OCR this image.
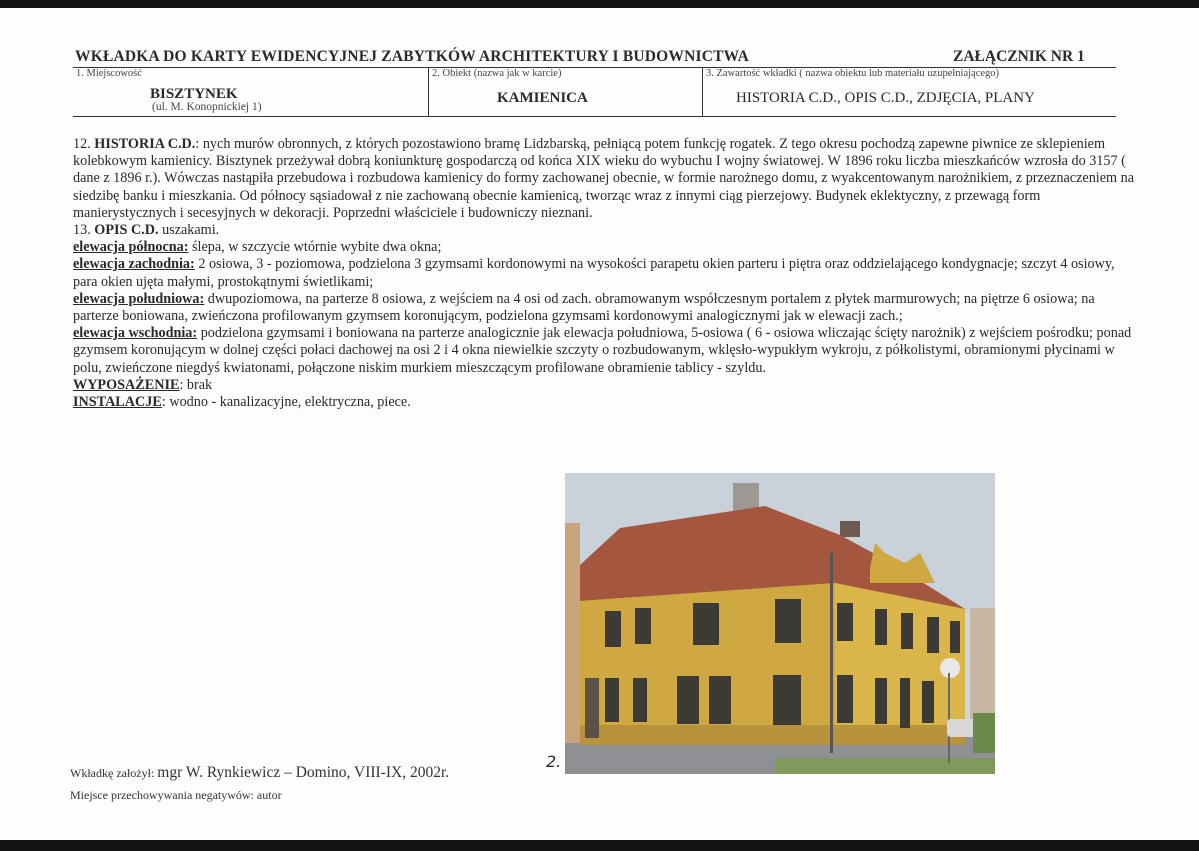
WKŁADKA DO KARTY EWIDENCYJNEJ ZABYTKÓW ARCHITEKTURY I BUDOWNICTWA	ZAŁĄCZNIK NR 1
1. Miejscowość
BISZTYNEK
(ul. M. Konopnickiej 1)
2. Obiekt (nazwa jak w karcie)
KAMIENICA
3. Zawartość wkładki ( nazwa obiektu lub materiału uzupełniającego)
HISTORIA C.D., OPIS C.D., ZDJĘCIA, PLANY

12. HISTORIA C.D.: nych murów obronnych, z których pozostawiono bramę Lidzbarską, pełniącą potem funkcję rogatek. Z tego okresu pochodzą zapewne piwnice ze sklepieniem kolebkowym kamienicy. Bisztynek przeżywał dobrą koniunkturę gospodarczą od końca XIX wieku do wybuchu I wojny światowej. W 1896 roku liczba mieszkańców wzrosła do 3157 ( dane z 1896 r.). Wówczas nastąpiła przebudowa i rozbudowa kamienicy do formy zachowanej obecnie, w formie narożnego domu, z wyakcentowanym narożnikiem, z przeznaczeniem na siedzibę banku i mieszkania. Od północy sąsiadował z nie zachowaną obecnie kamienicą, tworząc wraz z innymi ciąg pierzejowy. Budynek eklektyczny, z przewagą form manierystycznych i secesyjnych w dekoracji. Poprzedni właściciele i budowniczy nieznani.

13. OPIS C.D. uszakami.

elewacja północna: ślepa, w szczycie wtórnie wybite dwa okna;

elewacja zachodnia: 2 osiowa, 3 - poziomowa, podzielona 3 gzymsami kordonowymi na wysokości parapetu okien parteru i piętra oraz oddzielającego kondygnacje; szczyt 4 osiowy, para okien ujęta małymi, prostokątnymi świetlikami;

elewacja południowa: dwupoziomowa, na parterze 8 osiowa, z wejściem na 4 osi od zach. obramowanym współczesnym portalem z płytek marmurowych; na piętrze 6 osiowa; na parterze boniowana, zwieńczona profilowanym gzymsem koronującym, podzielona gzymsami kordonowymi analogicznymi jak w elewacji zach.;

elewacja wschodnia: podzielona gzymsami i boniowana na parterze analogicznie jak elewacja południowa, 5-osiowa ( 6 - osiowa wliczając ścięty narożnik) z wejściem pośrodku; ponad gzymsem koronującym w dolnej części połaci dachowej na osi 2 i 4 okna niewielkie szczyty o rozbudowanym, wklęsło-wypukłym wykroju, z półkolistymi, obramionymi płycinami w polu, zwieńczone niegdyś kwiatonami, połączone niskim murkiem mieszczącym profilowane obramienie tablicy - szyldu.

WYPOSAŻENIE: brak

INSTALACJE: wodno - kanalizacyjne, elektryczna, piece.

2.
Wkładkę założył: mgr W. Rynkiewicz – Domino, VIII-IX, 2002r.
Miejsce przechowywania negatywów: autor
